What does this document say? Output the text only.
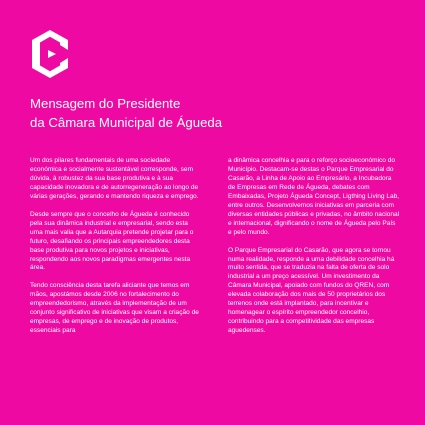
Mensagem do Presidente
da Câmara Municipal de Águeda

Um dos pilares fundamentais de uma sociedade económica e socialmente sustentável corresponde, sem dúvida, à robustez da sua base produtiva e à sua capacidade inovadora e de autorregeneração ao longo de várias gerações, gerando e mantendo riqueza e emprego.

Desde sempre que o concelho de Águeda é conhecido pela sua dinâmica industrial e empresarial, sendo esta uma mais valia que a Autarquia pretende projetar para o futuro, desafiando os principais empreendedores desta base produtiva para novos projetos e iniciativas, respondendo aos novos paradigmas emergentes nesta área.

Tendo consciência desta tarefa aliciante que temos em mãos, apostámos desde 2006 no fortalecimento do empreendedorismo, através da implementação de um conjunto significativo de iniciativas que visam a criação de empresas, de emprego e de inovação de produtos, essenciais para

a dinâmica concelhia e para o reforço socioeconómico do Município. Destacam-se destas o Parque Empresarial do Casarão, a Linha de Apoio ao Empresário, a Incubadora de Empresas em Rede de Águeda, debates com Embaixadas, Projeto Águeda Concept, Ligthing Living Lab, entre outros. Desenvolvemos iniciativas em parceria com diversas entidades públicas e privadas, no âmbito nacional e internacional, dignificando o nome de Águeda pelo País e pelo mundo.

O Parque Empresarial do Casarão, que agora se tornou numa realidade, responde a uma debilidade concelhia há muito sentida, que se traduzia na falta de oferta de solo industrial a um preço acessível. Um investimento da Câmara Municipal, apoiado com fundos do QREN, com elevada colaboração dos mais de 50 proprietários dos terrenos onde está implantado, para incentivar e homenagear o espírito empreendedor concelhio, contribuindo para a competitividade das empresas aguedenses.
